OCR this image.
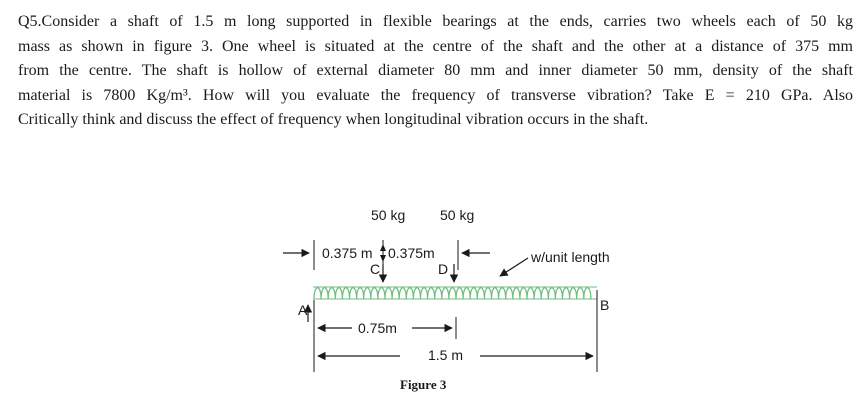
Q5.Consider a shaft of 1.5 m long supported in flexible bearings at the ends, carries two wheels each of 50 kg
mass as shown in figure 3. One wheel is situated at the centre of the shaft and the other at a distance of 375 mm
from the centre. The shaft is hollow of external diameter 80 mm and inner diameter 50 mm, density of the shaft
material is 7800 Kg/m³. How will you evaluate the frequency of transverse vibration? Take E = 210 GPa. Also
Critically think and discuss the effect of frequency when longitudinal vibration occurs in the shaft.

50 kg 50 kg
0.375 m 0.375m
C	D
w/unit length
A	B
0.75m
1.5 m
Figure 3
